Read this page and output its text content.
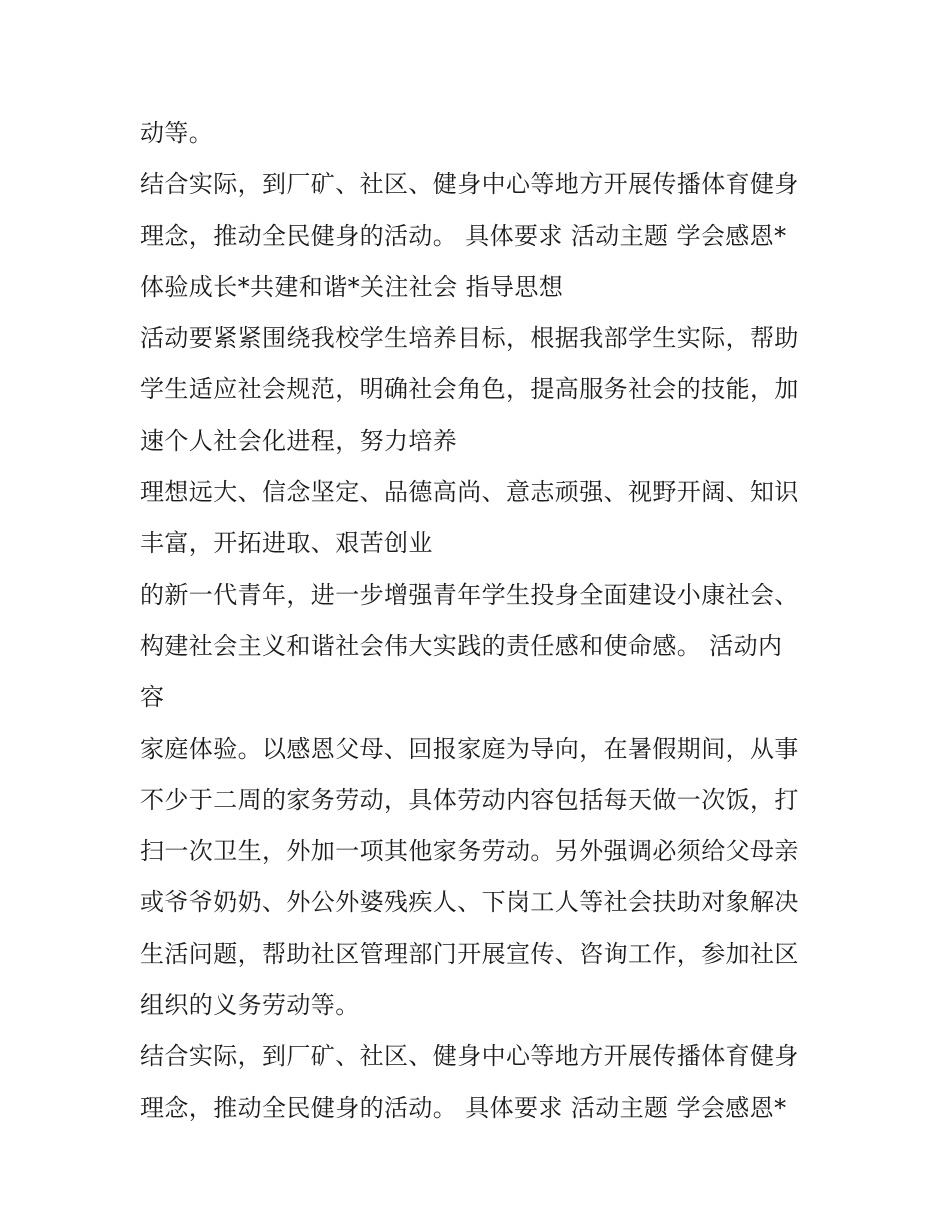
动等。
结合实际，到厂矿、社区、健身中心等地方开展传播体育健身
理念，推动全民健身的活动。 具体要求 活动主题 学会感恩*
体验成长*共建和谐*关注社会 指导思想
活动要紧紧围绕我校学生培养目标，根据我部学生实际，帮助
学生适应社会规范，明确社会角色，提高服务社会的技能，加
速个人社会化进程，努力培养
理想远大、信念坚定、品德高尚、意志顽强、视野开阔、知识
丰富，开拓进取、艰苦创业
的新一代青年，进一步增强青年学生投身全面建设小康社会、
构建社会主义和谐社会伟大实践的责任感和使命感。 活动内
容
家庭体验。以感恩父母、回报家庭为导向，在暑假期间，从事
不少于二周的家务劳动，具体劳动内容包括每天做一次饭，打
扫一次卫生，外加一项其他家务劳动。另外强调必须给父母亲
或爷爷奶奶、外公外婆残疾人、下岗工人等社会扶助对象解决
生活问题，帮助社区管理部门开展宣传、咨询工作，参加社区
组织的义务劳动等。
结合实际，到厂矿、社区、健身中心等地方开展传播体育健身
理念，推动全民健身的活动。 具体要求 活动主题 学会感恩*
